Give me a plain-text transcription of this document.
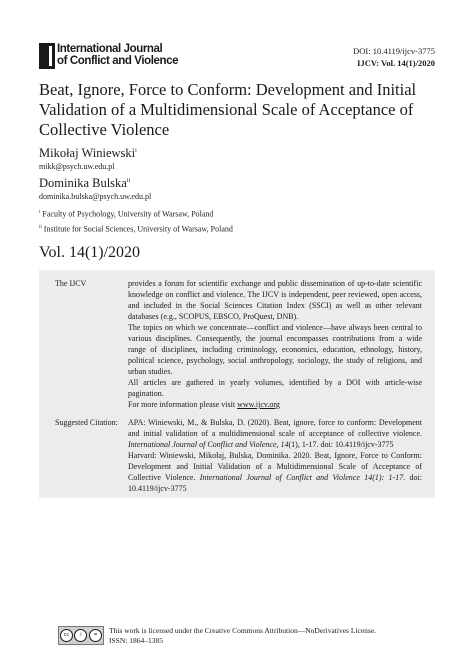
International Journal
of Conflict and Violence
DOI: 10.4119/ijcv-3775
IJCV: Vol. 14(1)/2020
Beat, Ignore, Force to Conform: Development and Initial Validation of a Multidimensional Scale of Acceptance of Collective Violence
Mikołaj Winiewski$^i$
mikk@psych.uw.edu.pl
Dominika Bulska$^{ii}$
dominika.bulska@psych.uw.edu.pl
$^i$ Faculty of Psychology, University of Warsaw, Poland
$^{ii}$ Institute for Social Sciences, University of Warsaw, Poland
Vol. 14(1)/2020
The IJCV	provides a forum for scientific exchange and public dissemination of up-to-date scientific knowledge on conflict and violence. The IJCV is independent, peer reviewed, open access, and included in the Social Sciences Citation Index (SSCI) as well as other relevant databases (e.g., SCOPUS, EBSCO, ProQuest, DNB).

The topics on which we concentrate—conflict and violence—have always been central to various disciplines. Consequently, the journal encompasses contributions from a wide range of disciplines, including criminology, economics, education, ethnology, history, political science, psychology, social anthropology, sociology, the study of religions, and urban studies.

All articles are gathered in yearly volumes, identified by a DOI with article-wise pagination.

For more information please visit www.ijcv.org

Suggested Citation:	APA: Winiewski, M., & Bulska, D. (2020). Beat, ignore, force to conform: Development and initial validation of a multidimensional scale of acceptance of collective violence. International Journal of Conflict and Violence, 14(1), 1-17. doi: 10.4119/ijcv-3775

Harvard: Winiewski, Mikołaj, Bulska, Dominika. 2020. Beat, Ignore, Force to Conform: Development and Initial Validation of a Multidimensional Scale of Acceptance of Collective Violence. International Journal of Conflict and Violence 14(1): 1-17. doi: 10.4119/ijcv-3775

cc	i	=	This work is licensed under the Creative Commons Attribution—NoDerivatives License.
ISSN: 1864–1385
